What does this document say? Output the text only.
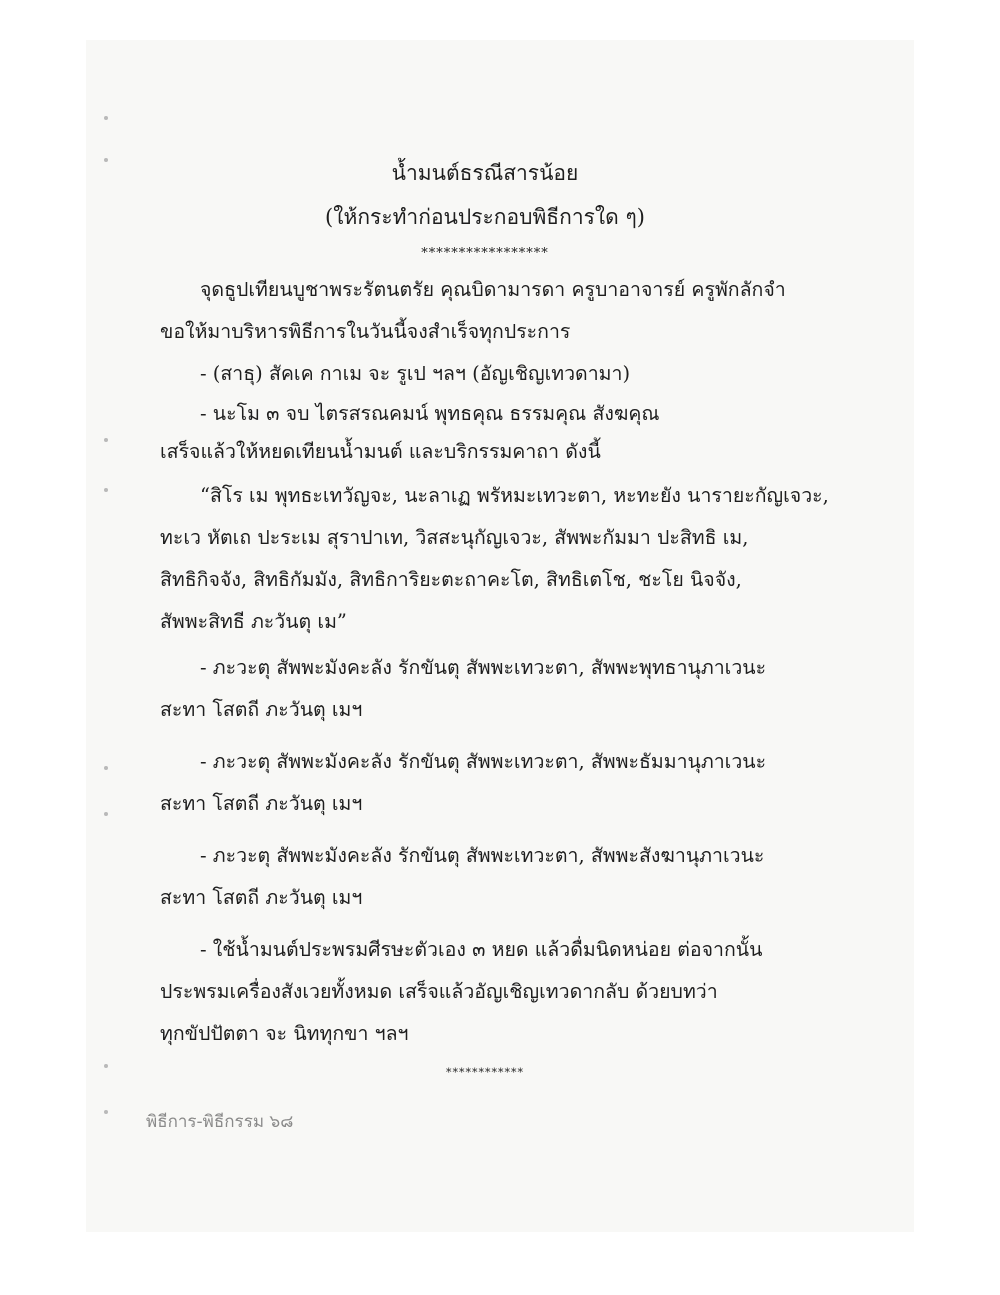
น้ำมนต์ธรณีสารน้อย

(ให้กระทำก่อนประกอบพิธีการใด ๆ)

*****************

จุดธูปเทียนบูชาพระรัตนตรัย คุณบิดามารดา ครูบาอาจารย์ ครูพักลักจำ

ขอให้มาบริหารพิธีการในวันนี้จงสำเร็จทุกประการ

- (สาธุ) สัคเค กาเม จะ รูเป ฯลฯ (อัญเชิญเทวดามา)

- นะโม ๓ จบ ไตรสรณคมน์ พุทธคุณ ธรรมคุณ สังฆคุณ

เสร็จแล้วให้หยดเทียนน้ำมนต์ และบริกรรมคาถา ดังนี้

“สิโร เม พุทธะเทวัญจะ, นะลาเฏ พรัหมะเทวะตา, หะทะยัง นารายะกัญเจวะ,

ทะเว หัตเถ ปะระเม สุราปาเท, วิสสะนุกัญเจวะ, สัพพะกัมมา ปะสิทธิ เม,

สิทธิกิจจัง, สิทธิกัมมัง, สิทธิการิยะตะถาคะโต, สิทธิเตโช, ชะโย นิจจัง,

สัพพะสิทธี ภะวันตุ เม”

- ภะวะตุ สัพพะมังคะลัง รักขันตุ สัพพะเทวะตา, สัพพะพุทธานุภาเวนะ

สะทา โสตถี ภะวันตุ เมฯ

- ภะวะตุ สัพพะมังคะลัง รักขันตุ สัพพะเทวะตา, สัพพะธัมมานุภาเวนะ

สะทา โสตถี ภะวันตุ เมฯ

- ภะวะตุ สัพพะมังคะลัง รักขันตุ สัพพะเทวะตา, สัพพะสังฆานุภาเวนะ

สะทา โสตถี ภะวันตุ เมฯ

- ใช้น้ำมนต์ประพรมศีรษะตัวเอง ๓ หยด แล้วดื่มนิดหน่อย ต่อจากนั้น

ประพรมเครื่องสังเวยทั้งหมด เสร็จแล้วอัญเชิญเทวดากลับ ด้วยบทว่า

ทุกขัปปัตตา จะ นิททุกขา ฯลฯ

************

พิธีการ-พิธีกรรม ๖๘
